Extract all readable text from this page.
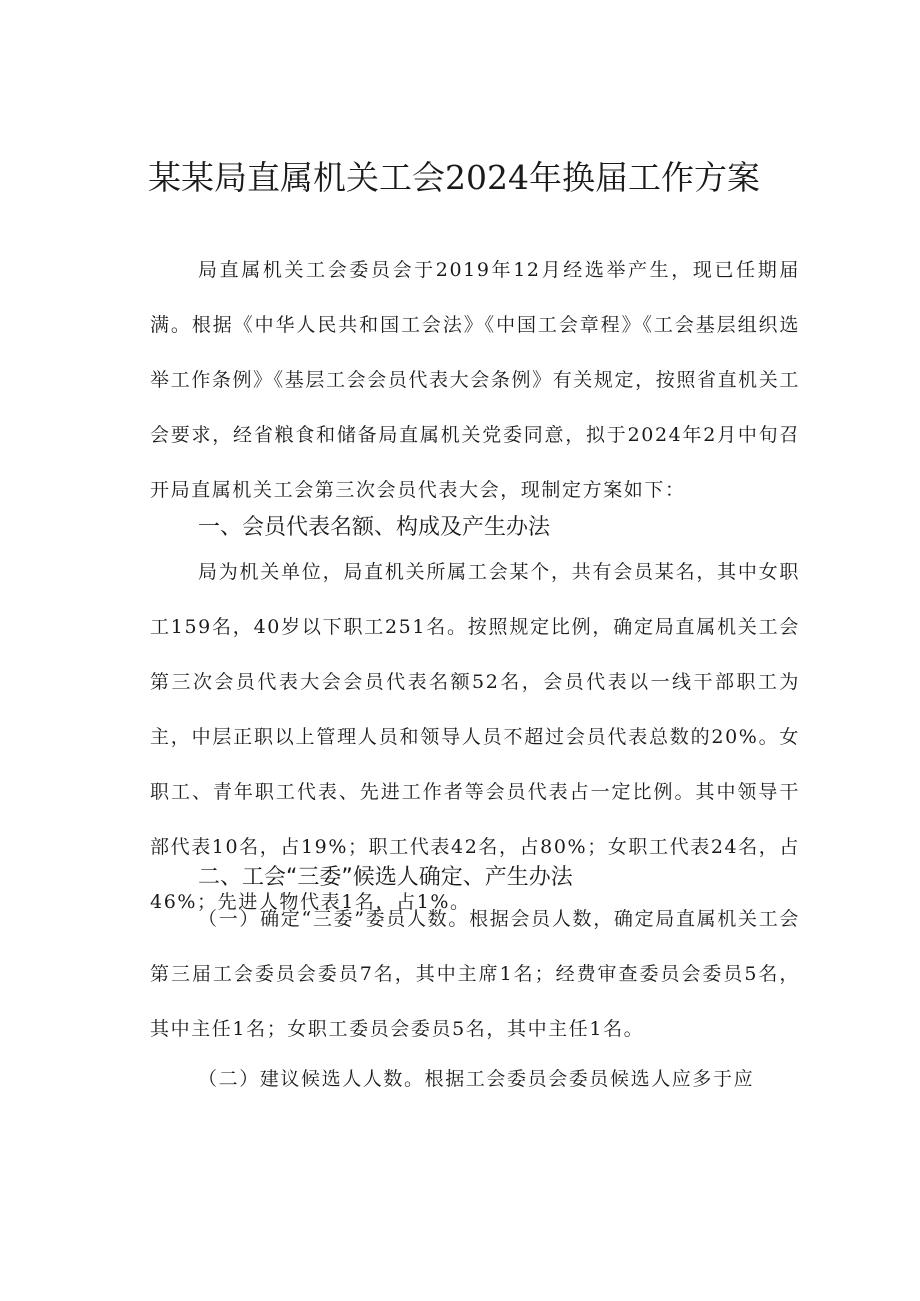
某某局直属机关工会2024年换届工作方案

局直属机关工会委员会于2019年12月经选举产生，现已任期届满。根据《中华人民共和国工会法》《中国工会章程》《工会基层组织选举工作条例》《基层工会会员代表大会条例》有关规定，按照省直机关工会要求，经省粮食和储备局直属机关党委同意，拟于2024年2月中旬召开局直属机关工会第三次会员代表大会，现制定方案如下：

一、会员代表名额、构成及产生办法

局为机关单位，局直机关所属工会某个，共有会员某名，其中女职工159名，40岁以下职工251名。按照规定比例，确定局直属机关工会第三次会员代表大会会员代表名额52名，会员代表以一线干部职工为主，中层正职以上管理人员和领导人员不超过会员代表总数的20%。女职工、青年职工代表、先进工作者等会员代表占一定比例。其中领导干部代表10名，占19%；职工代表42名，占80%；女职工代表24名，占46%；先进人物代表1名，占1%。

二、工会“三委”候选人确定、产生办法

（一）确定“三委”委员人数。根据会员人数，确定局直属机关工会第三届工会委员会委员7名，其中主席1名；经费审查委员会委员5名，其中主任1名；女职工委员会委员5名，其中主任1名。

（二）建议候选人人数。根据工会委员会委员候选人应多于应
